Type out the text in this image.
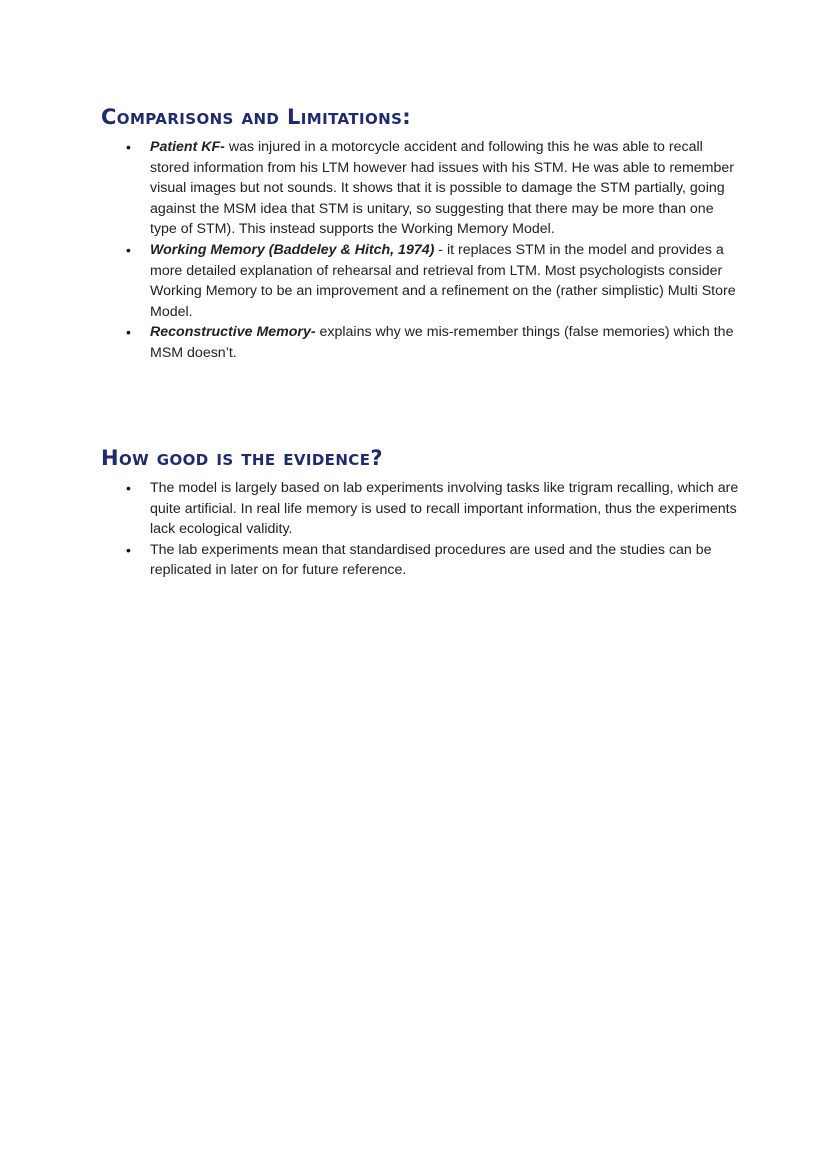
Comparisons and Limitations:
• Patient KF- was injured in a motorcycle accident and following this he was able to recall stored information from his LTM however had issues with his STM. He was able to remember visual images but not sounds. It shows that it is possible to damage the STM partially, going against the MSM idea that STM is unitary, so suggesting that there may be more than one type of STM). This instead supports the Working Memory Model.
• Working Memory (Baddeley & Hitch, 1974) - it replaces STM in the model and provides a more detailed explanation of rehearsal and retrieval from LTM. Most psychologists consider Working Memory to be an improvement and a refinement on the (rather simplistic) Multi Store Model.
• Reconstructive Memory- explains why we mis-remember things (false memories) which the MSM doesn’t.
How good is the evidence?
• The model is largely based on lab experiments involving tasks like trigram recalling, which are quite artificial. In real life memory is used to recall important information, thus the experiments lack ecological validity.
• The lab experiments mean that standardised procedures are used and the studies can be replicated in later on for future reference.
